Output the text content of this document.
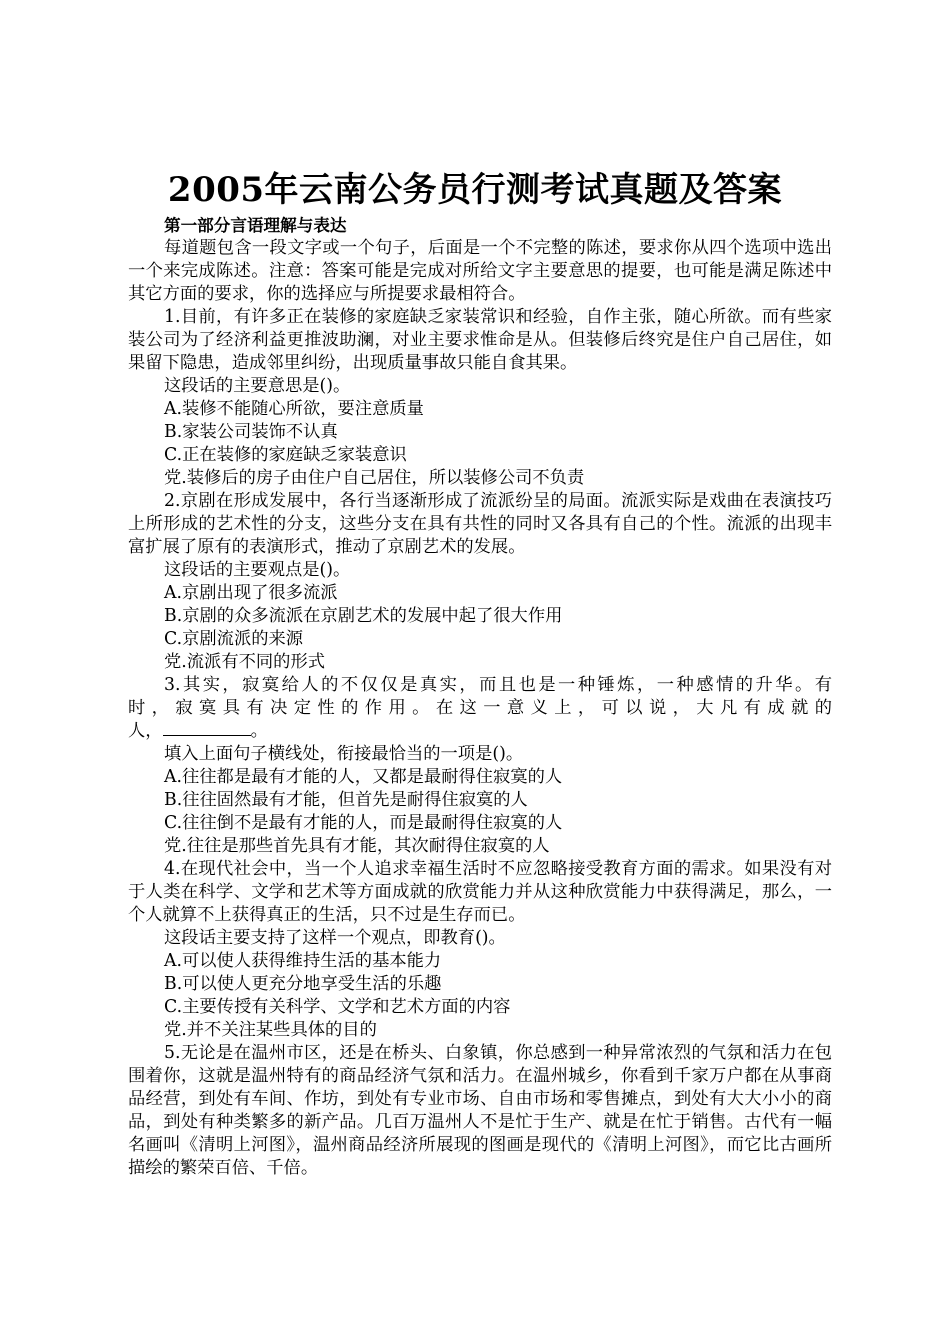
2005年云南公务员行测考试真题及答案

第一部分言语理解与表达

每道题包含一段文字或一个句子，后面是一个不完整的陈述，要求你从四个选项中选出一个来完成陈述。注意：答案可能是完成对所给文字主要意思的提要，也可能是满足陈述中其它方面的要求，你的选择应与所提要求最相符合。

1.目前，有许多正在装修的家庭缺乏家装常识和经验，自作主张，随心所欲。而有些家装公司为了经济利益更推波助澜，对业主要求惟命是从。但装修后终究是住户自己居住，如果留下隐患，造成邻里纠纷，出现质量事故只能自食其果。

这段话的主要意思是()。

A.装修不能随心所欲，要注意质量

B.家装公司装饰不认真

C.正在装修的家庭缺乏家装意识

党.装修后的房子由住户自己居住，所以装修公司不负责

2.京剧在形成发展中，各行当逐渐形成了流派纷呈的局面。流派实际是戏曲在表演技巧上所形成的艺术性的分支，这些分支在具有共性的同时又各具有自己的个性。流派的出现丰富扩展了原有的表演形式，推动了京剧艺术的发展。

这段话的主要观点是()。

A.京剧出现了很多流派

B.京剧的众多流派在京剧艺术的发展中起了很大作用

C.京剧流派的来源

党.流派有不同的形式

3.其实，寂寞给人的不仅仅是真实，而且也是一种锤炼，一种感情的升华。有

时，寂寞具有决定性的作用。在这一意义上，可以说，大凡有成就的

人，	。

填入上面句子横线处，衔接最恰当的一项是()。

A.往往都是最有才能的人，又都是最耐得住寂寞的人

B.往往固然最有才能，但首先是耐得住寂寞的人

C.往往倒不是最有才能的人，而是最耐得住寂寞的人

党.往往是那些首先具有才能，其次耐得住寂寞的人

4.在现代社会中，当一个人追求幸福生活时不应忽略接受教育方面的需求。如果没有对于人类在科学、文学和艺术等方面成就的欣赏能力并从这种欣赏能力中获得满足，那么，一个人就算不上获得真正的生活，只不过是生存而已。

这段话主要支持了这样一个观点，即教育()。

A.可以使人获得维持生活的基本能力

B.可以使人更充分地享受生活的乐趣

C.主要传授有关科学、文学和艺术方面的内容

党.并不关注某些具体的目的

5.无论是在温州市区，还是在桥头、白象镇，你总感到一种异常浓烈的气氛和活力在包围着你，这就是温州特有的商品经济气氛和活力。在温州城乡，你看到千家万户都在从事商品经营，到处有车间、作坊，到处有专业市场、自由市场和零售摊点，到处有大大小小的商品，到处有种类繁多的新产品。几百万温州人不是忙于生产、就是在忙于销售。古代有一幅名画叫《清明上河图》，温州商品经济所展现的图画是现代的《清明上河图》，而它比古画所描绘的繁荣百倍、千倍。
